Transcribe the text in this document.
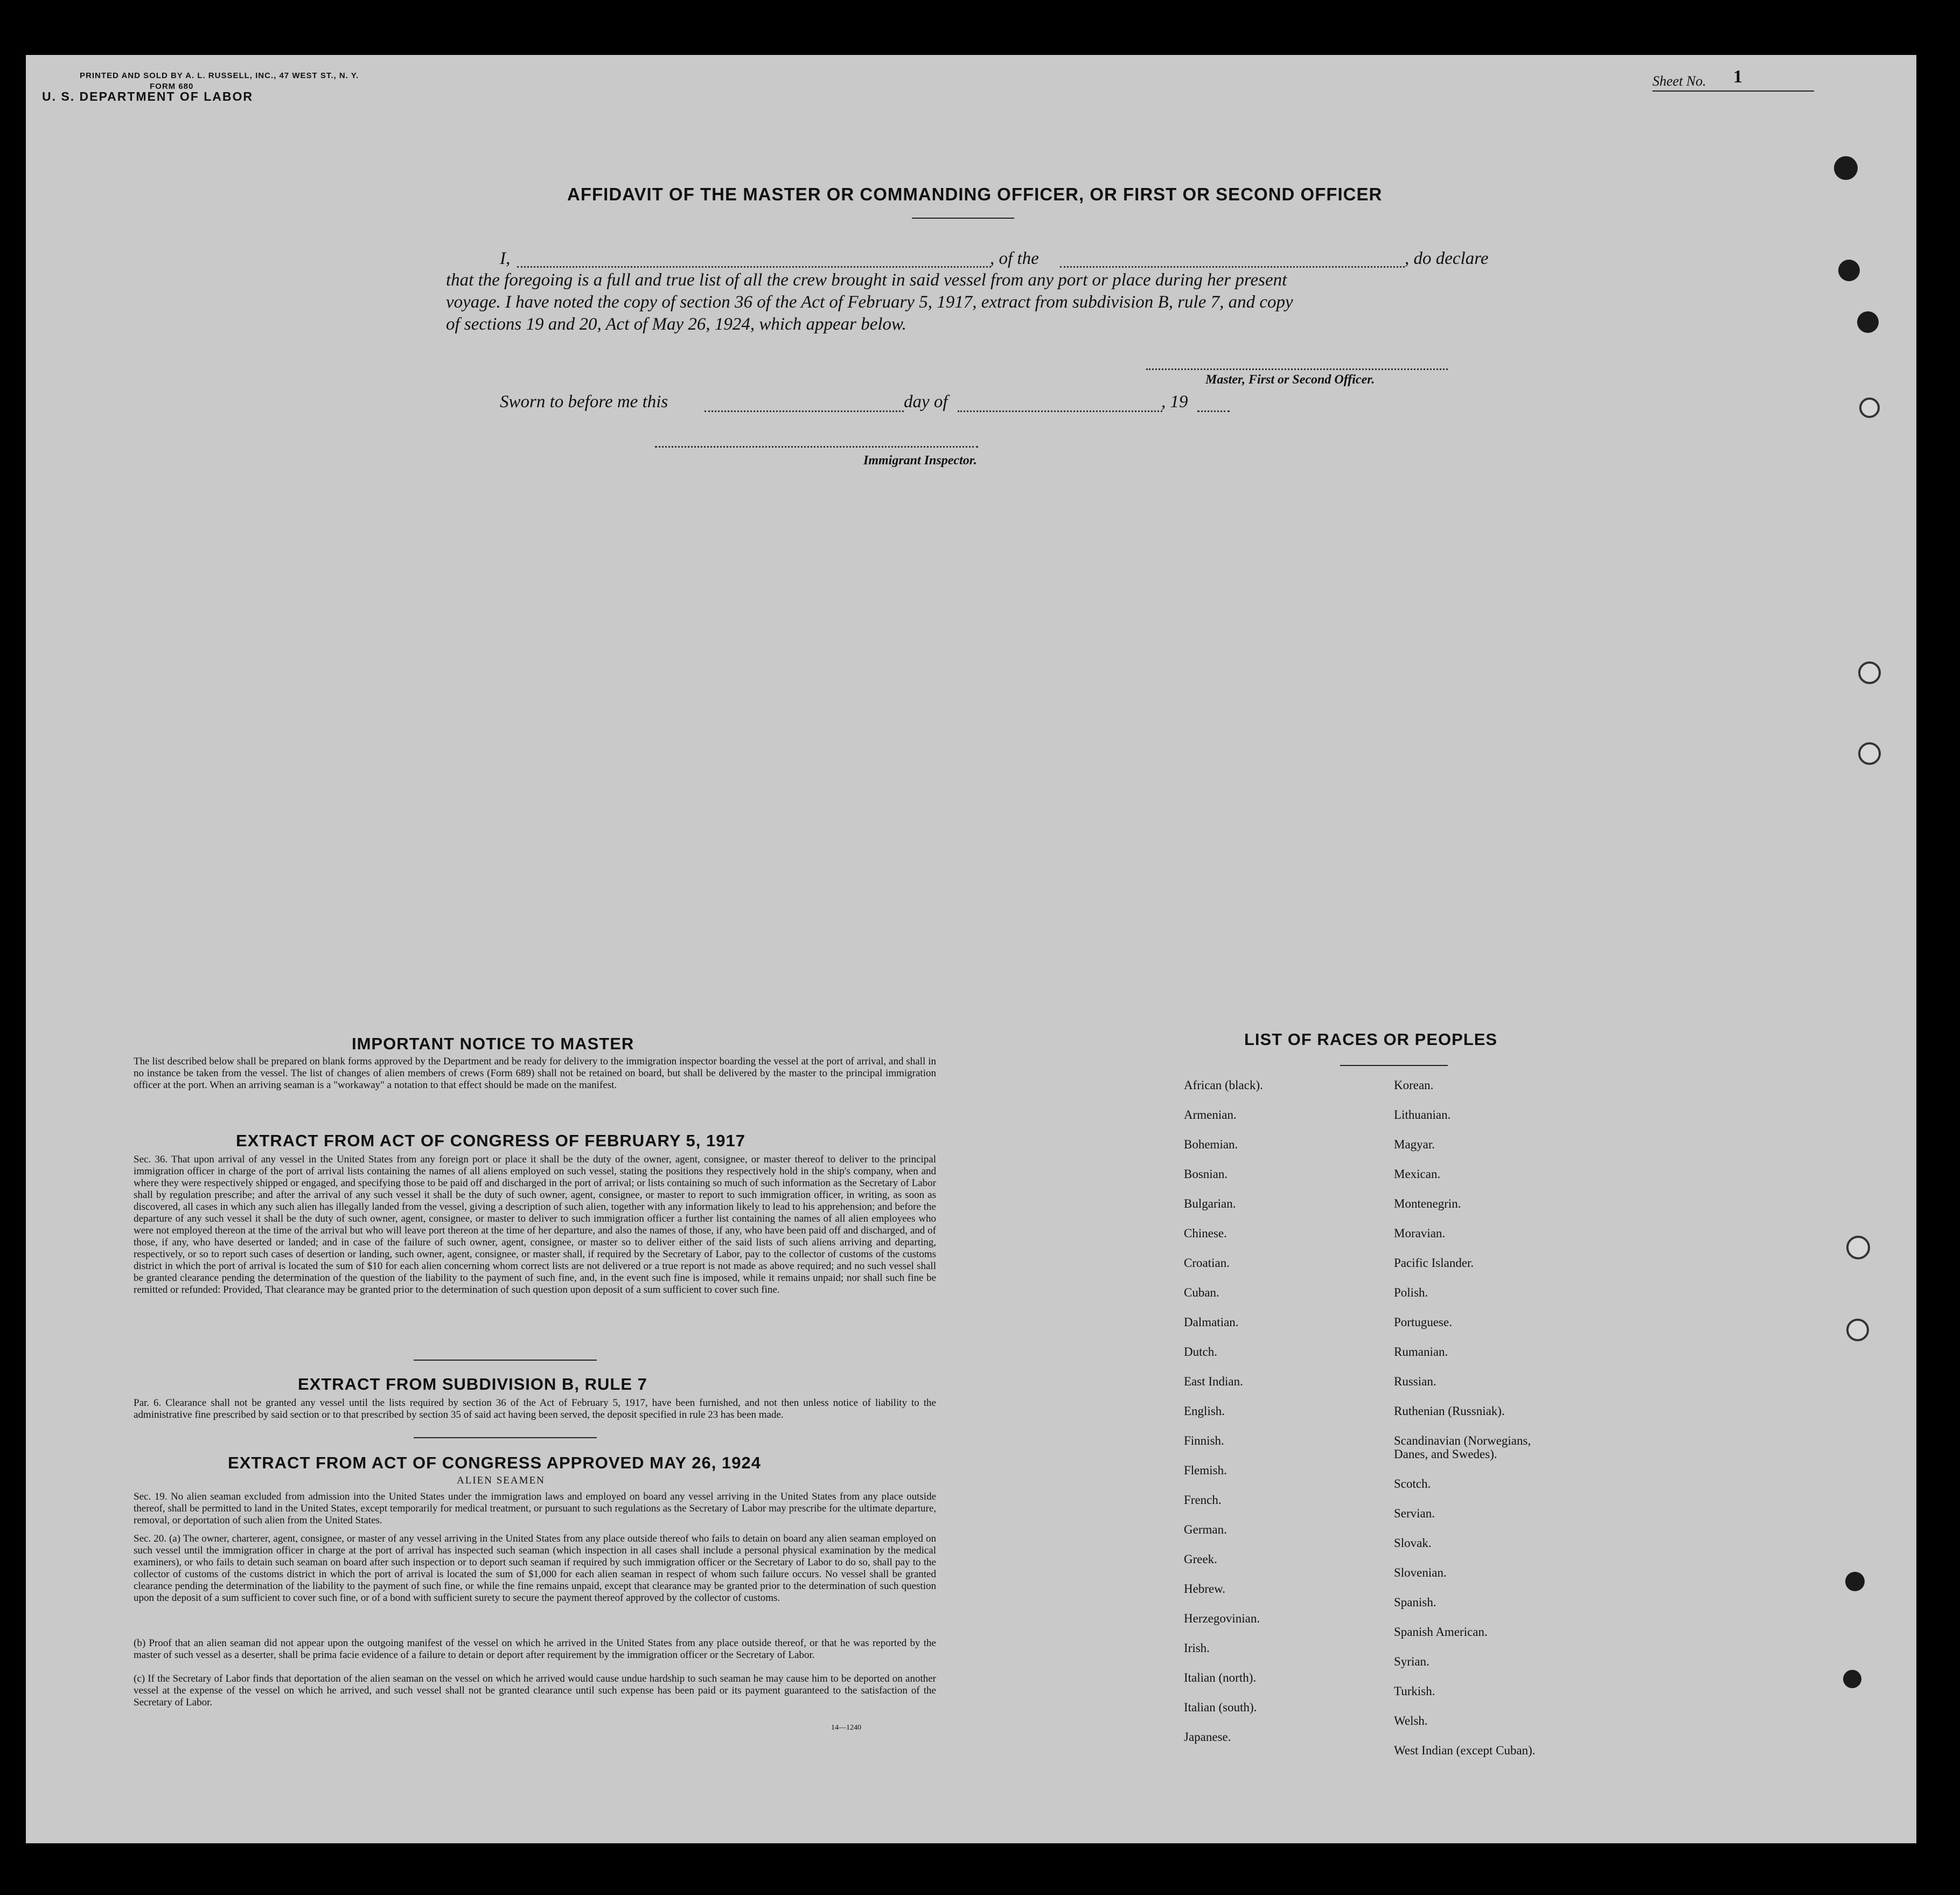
PRINTED AND SOLD BY A. L. RUSSELL, INC., 47 WEST ST., N. Y.
FORM 680
U. S. DEPARTMENT OF LABOR
Sheet No. 1
AFFIDAVIT OF THE MASTER OR COMMANDING OFFICER, OR FIRST OR SECOND OFFICER
I,	, of the	, do declare
that the foregoing is a full and true list of all the crew brought in said vessel from any port or place during her present
voyage. I have noted the copy of section 36 of the Act of February 5, 1917, extract from subdivision B, rule 7, and copy
of sections 19 and 20, Act of May 26, 1924, which appear below.
Master, First or Second Officer.
Sworn to before me this	day of	, 19
Immigrant Inspector.
IMPORTANT NOTICE TO MASTER
The list described below shall be prepared on blank forms approved by the Department and be ready for delivery to the immigration inspector boarding the vessel at the port of arrival, and shall in no instance be taken from the vessel. The list of changes of alien members of crews (Form 689) shall not be retained on board, but shall be delivered by the master to the principal immigration officer at the port. When an arriving seaman is a "workaway" a notation to that effect should be made on the manifest.
EXTRACT FROM ACT OF CONGRESS OF FEBRUARY 5, 1917
Sec. 36. That upon arrival of any vessel in the United States from any foreign port or place it shall be the duty of the owner, agent, consignee, or master thereof to deliver to the principal immigration officer in charge of the port of arrival lists containing the names of all aliens employed on such vessel, stating the positions they respectively hold in the ship's company, when and where they were respectively shipped or engaged, and specifying those to be paid off and discharged in the port of arrival; or lists containing so much of such information as the Secretary of Labor shall by regulation prescribe; and after the arrival of any such vessel it shall be the duty of such owner, agent, consignee, or master to report to such immigration officer, in writing, as soon as discovered, all cases in which any such alien has illegally landed from the vessel, giving a description of such alien, together with any information likely to lead to his apprehension; and before the departure of any such vessel it shall be the duty of such owner, agent, consignee, or master to deliver to such immigration officer a further list containing the names of all alien employees who were not employed thereon at the time of the arrival but who will leave port thereon at the time of her departure, and also the names of those, if any, who have been paid off and discharged, and of those, if any, who have deserted or landed; and in case of the failure of such owner, agent, consignee, or master so to deliver either of the said lists of such aliens arriving and departing, respectively, or so to report such cases of desertion or landing, such owner, agent, consignee, or master shall, if required by the Secretary of Labor, pay to the collector of customs of the customs district in which the port of arrival is located the sum of $10 for each alien concerning whom correct lists are not delivered or a true report is not made as above required; and no such vessel shall be granted clearance pending the determination of the question of the liability to the payment of such fine, and, in the event such fine is imposed, while it remains unpaid; nor shall such fine be remitted or refunded: Provided, That clearance may be granted prior to the determination of such question upon deposit of a sum sufficient to cover such fine.
EXTRACT FROM SUBDIVISION B, RULE 7
Par. 6. Clearance shall not be granted any vessel until the lists required by section 36 of the Act of February 5, 1917, have been furnished, and not then unless notice of liability to the administrative fine prescribed by said section or to that prescribed by section 35 of said act having been served, the deposit specified in rule 23 has been made.
EXTRACT FROM ACT OF CONGRESS APPROVED MAY 26, 1924
ALIEN SEAMEN
Sec. 19. No alien seaman excluded from admission into the United States under the immigration laws and employed on board any vessel arriving in the United States from any place outside thereof, shall be permitted to land in the United States, except temporarily for medical treatment, or pursuant to such regulations as the Secretary of Labor may prescribe for the ultimate departure, removal, or deportation of such alien from the United States.
Sec. 20. (a) The owner, charterer, agent, consignee, or master of any vessel arriving in the United States from any place outside thereof who fails to detain on board any alien seaman employed on such vessel until the immigration officer in charge at the port of arrival has inspected such seaman (which inspection in all cases shall include a personal physical examination by the medical examiners), or who fails to detain such seaman on board after such inspection or to deport such seaman if required by such immigration officer or the Secretary of Labor to do so, shall pay to the collector of customs of the customs district in which the port of arrival is located the sum of $1,000 for each alien seaman in respect of whom such failure occurs. No vessel shall be granted clearance pending the determination of the liability to the payment of such fine, or while the fine remains unpaid, except that clearance may be granted prior to the determination of such question upon the deposit of a sum sufficient to cover such fine, or of a bond with sufficient surety to secure the payment thereof approved by the collector of customs.
(b) Proof that an alien seaman did not appear upon the outgoing manifest of the vessel on which he arrived in the United States from any place outside thereof, or that he was reported by the master of such vessel as a deserter, shall be prima facie evidence of a failure to detain or deport after requirement by the immigration officer or the Secretary of Labor.
(c) If the Secretary of Labor finds that deportation of the alien seaman on the vessel on which he arrived would cause undue hardship to such seaman he may cause him to be deported on another vessel at the expense of the vessel on which he arrived, and such vessel shall not be granted clearance until such expense has been paid or its payment guaranteed to the satisfaction of the Secretary of Labor.
14—1240
LIST OF RACES OR PEOPLES
African (black).
Armenian.
Bohemian.
Bosnian.
Bulgarian.
Chinese.
Croatian.
Cuban.
Dalmatian.
Dutch.
East Indian.
English.
Finnish.
Flemish.
French.
German.
Greek.
Hebrew.
Herzegovinian.
Irish.
Italian (north).
Italian (south).
Japanese.
Korean.
Lithuanian.
Magyar.
Mexican.
Montenegrin.
Moravian.
Pacific Islander.
Polish.
Portuguese.
Rumanian.
Russian.
Ruthenian (Russniak).
Scandinavian (Norwegians,
Danes, and Swedes).
Scotch.
Servian.
Slovak.
Slovenian.
Spanish.
Spanish American.
Syrian.
Turkish.
Welsh.
West Indian (except Cuban).
